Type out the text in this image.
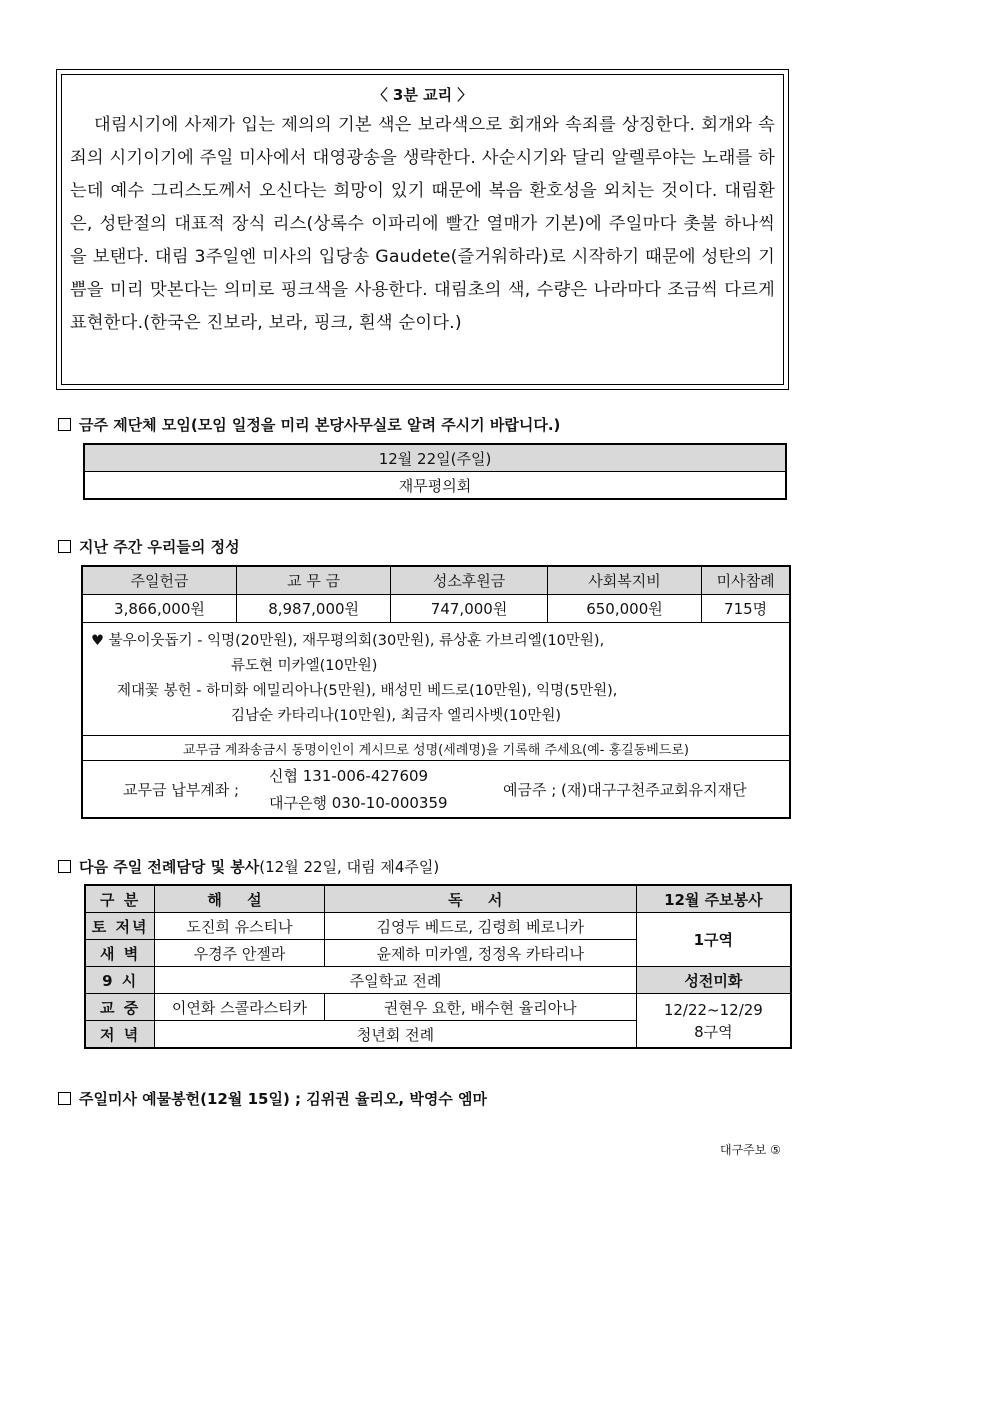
〈 3분 교리 〉
대림시기에 사제가 입는 제의의 기본 색은 보라색으로 회개와 속죄를 상징한다. 회개와 속죄의 시기이기에 주일 미사에서 대영광송을 생략한다. 사순시기와 달리 알렐루야는 노래를 하는데 예수 그리스도께서 오신다는 희망이 있기 때문에 복음 환호성을 외치는 것이다. 대림환은, 성탄절의 대표적 장식 리스(상록수 이파리에 빨간 열매가 기본)에 주일마다 촛불 하나씩을 보탠다. 대림 3주일엔 미사의 입당송 Gaudete(즐거워하라)로 시작하기 때문에 성탄의 기쁨을 미리 맛본다는 의미로 핑크색을 사용한다. 대림초의 색, 수량은 나라마다 조금씩 다르게 표현한다.(한국은 진보라, 보라, 핑크, 흰색 순이다.)
금주 제단체 모임(모임 일정을 미리 본당사무실로 알려 주시기 바랍니다.)
12월 22일(주일)
재무평의회
지난 주간 우리들의 정성
주일헌금	교 무 금	성소후원금	사회복지비	미사참례
3,866,000원	8,987,000원	747,000원	650,000원	715명

♥ 불우이웃돕기 - 익명(20만원), 재무평의회(30만원), 류상훈 가브리엘(10만원),
류도현 미카엘(10만원)
제대꽃 봉헌 - 하미화 에밀리아나(5만원), 배성민 베드로(10만원), 익명(5만원),
김남순 카타리나(10만원), 최금자 엘리사벳(10만원)				

교무금 계좌송금시 동명이인이 계시므로 성명(세례명)을 기록해 주세요(예- 홍길동베드로)				

교무금 납부계좌 ;
신협 131-006-427609
대구은행 030-10-000359
예금주 ; (재)대구구천주교회유지재단				
다음 주일 전례담당 및 봉사(12월 22일, 대림 제4주일)
구 분	해 설	독 서	12월 주보봉사
토 저녁	도진희 유스티나	김영두 베드로, 김령희 베로니카	1구역
새 벽	우경주 안젤라	윤제하 미카엘, 정정옥 카타리나	
9 시	주일학교 전례		성전미화
교 중	이연화 스콜라스티카	권현우 요한, 배수현 율리아나	12/22~12/29
8구역

저 녁	청년회 전례		
주일미사 예물봉헌(12월 15일) ; 김위권 율리오, 박영수 엠마
대구주보 ⑤
